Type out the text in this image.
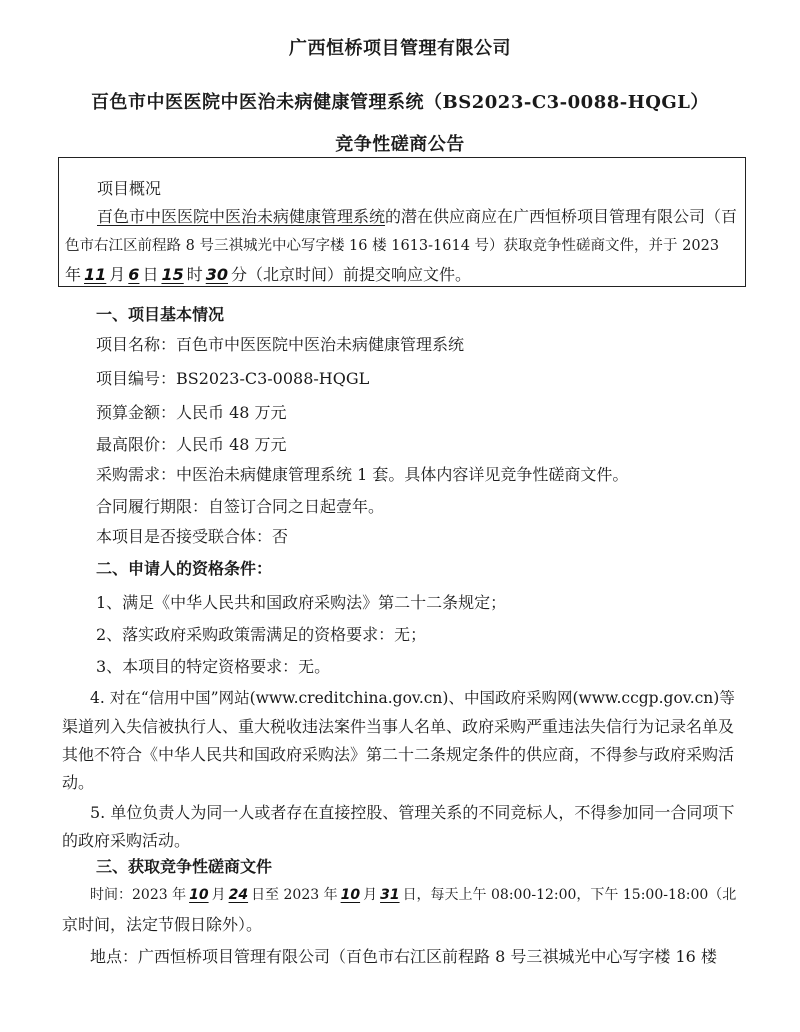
广西恒桥项目管理有限公司
百色市中医医院中医治未病健康管理系统（BS2023-C3-0088-HQGL）
竞争性磋商公告
项目概况
百色市中医医院中医治未病健康管理系统的潜在供应商应在广西恒桥项目管理有限公司（百
色市右江区前程路 8 号三祺城光中心写字楼 16 楼 1613-1614 号）获取竞争性磋商文件，并于 2023
年 11 月 6 日 15 时 30 分（北京时间）前提交响应文件。
一、项目基本情况
项目名称：百色市中医医院中医治未病健康管理系统
项目编号：BS2023-C3-0088-HQGL
预算金额：人民币 48 万元
最高限价：人民币 48 万元
采购需求：中医治未病健康管理系统 1 套。具体内容详见竞争性磋商文件。
合同履行期限：自签订合同之日起壹年。
本项目是否接受联合体：否
二、申请人的资格条件：
1、满足《中华人民共和国政府采购法》第二十二条规定；
2、落实政府采购政策需满足的资格要求：无；
3、本项目的特定资格要求：无。
4. 对在“信用中国”网站(www.creditchina.gov.cn)、中国政府采购网(www.ccgp.gov.cn)等
渠道列入失信被执行人、重大税收违法案件当事人名单、政府采购严重违法失信行为记录名单及
其他不符合《中华人民共和国政府采购法》第二十二条规定条件的供应商，不得参与政府采购活
动。
5. 单位负责人为同一人或者存在直接控股、管理关系的不同竞标人，不得参加同一合同项下
的政府采购活动。
三、获取竞争性磋商文件
时间：2023 年 10 月 24 日至 2023 年 10 月 31 日，每天上午 08:00-12:00，下午 15:00-18:00（北
京时间，法定节假日除外）。
地点：广西恒桥项目管理有限公司（百色市右江区前程路 8 号三祺城光中心写字楼 16 楼
